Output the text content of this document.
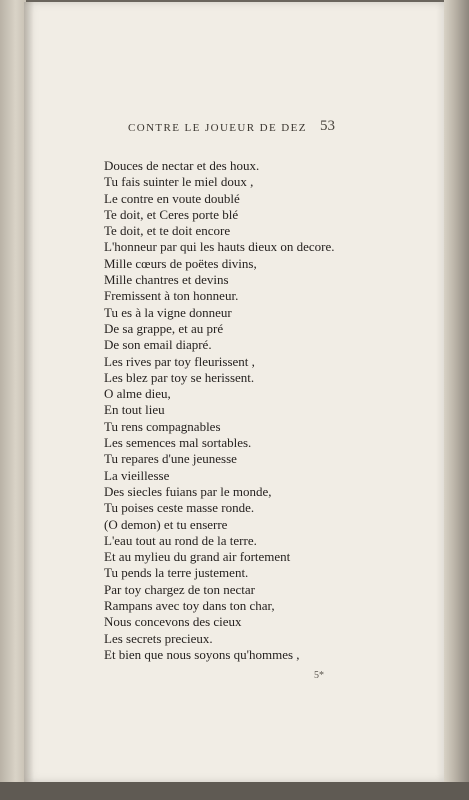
CONTRE LE JOUEUR DE DEZ 53
Douces de nectar et des houx.
Tu fais suinter le miel doux ,
Le contre en voute doublé
Te doit, et Ceres porte blé
Te doit, et te doit encore
L'honneur par qui les hauts dieux on decore.
Mille cœurs de poëtes divins,
Mille chantres et devins
Fremissent à ton honneur.
Tu es à la vigne donneur
De sa grappe, et au pré
De son email diapré.
Les rives par toy fleurissent ,
Les blez par toy se herissent.
O alme dieu,
En tout lieu
Tu rens compagnables
Les semences mal sortables.
Tu repares d'une jeunesse
La vieillesse
Des siecles fuians par le monde,
Tu poises ceste masse ronde.
(O demon) et tu enserre
L'eau tout au rond de la terre.
Et au mylieu du grand air fortement
Tu pends la terre justement.
Par toy chargez de ton nectar
Rampans avec toy dans ton char,
Nous concevons des cieux
Les secrets precieux.
Et bien que nous soyons qu'hommes ,
5*
